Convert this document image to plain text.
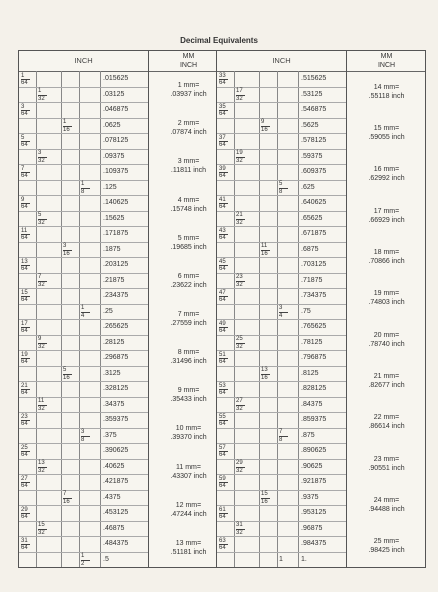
Decimal Equivalents
INCH	MM
INCH
$\frac{1}{64}$	.015625
$\frac{1}{32}$	.03125
$\frac{3}{64}$	.046875
$\frac{1}{16}$	.0625
$\frac{5}{64}$	.078125
$\frac{3}{32}$	.09375
$\frac{7}{64}$	.109375
$\frac{1}{8} .125$
$\frac{9}{64}$	.140625
$\frac{5}{32}$	.15625
$\frac{11}{64}$	.171875
$\frac{3}{16}$	.1875
$\frac{13}{64}$	.203125
$\frac{7}{32}$	.21875
$\frac{15}{64}$	.234375
$\frac{1}{4} .25$
$\frac{17}{64}$	.265625
$\frac{9}{32}$	.28125
$\frac{19}{64}$	.296875
$\frac{5}{16}$	.3125
$\frac{21}{64}$	.328125
$\frac{11}{32}$	.34375
$\frac{23}{64}$	.359375
$\frac{3}{8} .375$
$\frac{25}{64}$	.390625
$\frac{13}{32}$	.40625
$\frac{27}{64}$	.421875
$\frac{7}{16}$	.4375
$\frac{29}{64}$	.453125
$\frac{15}{32}$	.46875
$\frac{31}{64}$	.484375
$\frac{1}{2} .5$
1 mm=
.03937 inch
2 mm=
.07874 inch
3 mm=
.11811 inch
4 mm=
.15748 inch
5 mm=
.19685 inch
6 mm=
.23622 inch
7 mm=
.27559 inch
8 mm=
.31496 inch
9 mm=
.35433 inch
10 mm=
.39370 inch
11 mm=
.43307 inch
12 mm=
.47244 inch
13 mm=
.51181 inch
INCH	MM
INCH
$\frac{33}{64}$	.515625
$\frac{17}{32}$	.53125
$\frac{35}{64}$	.546875
$\frac{9}{16}$	.5625
$\frac{37}{64}$	.578125
$\frac{19}{32}$	.59375
$\frac{39}{64}$	.609375
$\frac{5}{8} .625$
$\frac{41}{64}$	.640625
$\frac{21}{32}$	.65625
$\frac{43}{64}$	.671875
$\frac{11}{16}$	.6875
$\frac{45}{64}$	.703125
$\frac{23}{32}$	.71875
$\frac{47}{64}$	.734375
$\frac{3}{4} .75$
$\frac{49}{64}$	.765625
$\frac{25}{32}$	.78125
$\frac{51}{64}$	.796875
$\frac{13}{16}$	.8125
$\frac{53}{64}$	.828125
$\frac{27}{32}$	.84375
$\frac{55}{64}$	.859375
$\frac{7}{8} .875$
$\frac{57}{64}$	.890625
$\frac{29}{32}$	.90625
$\frac{59}{64}$	.921875
$\frac{15}{16}$	.9375
$\frac{61}{64}$	.953125
$\frac{31}{32}$	.96875
$\frac{63}{64}$	.984375
1	1.
14 mm=
.55118 inch
15 mm=
.59055 inch
16 mm=
.62992 inch
17 mm=
.66929 inch
18 mm=
.70866 inch
19 mm=
.74803 inch
20 mm=
.78740 inch
21 mm=
.82677 inch
22 mm=
.86614 inch
23 mm=
.90551 inch
24 mm=
.94488 inch
25 mm=
.98425 inch
